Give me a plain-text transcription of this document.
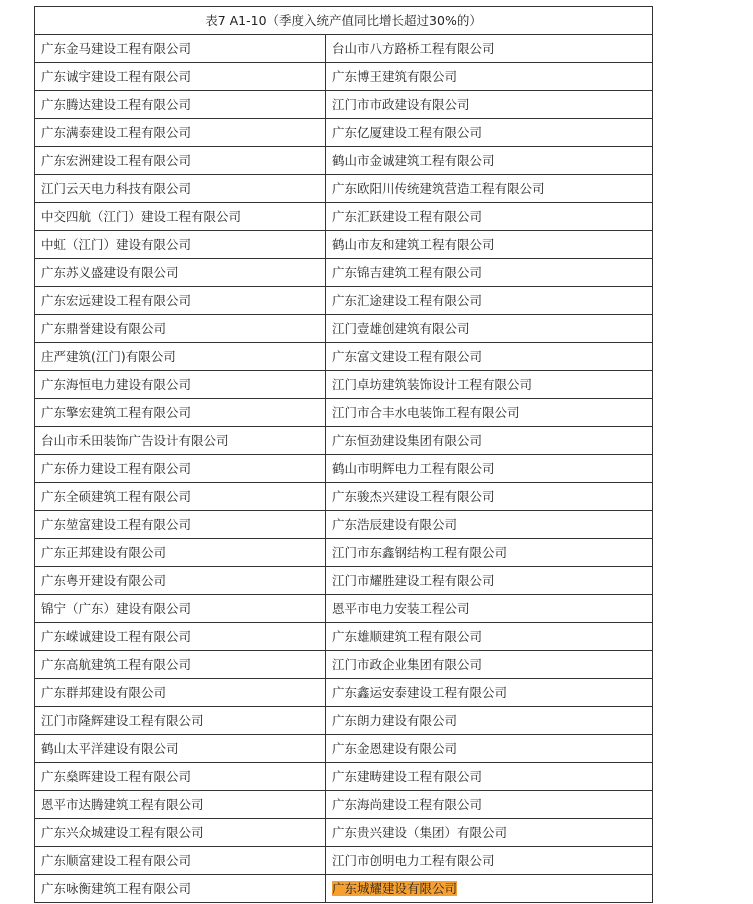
表7 A1-10（季度入统产值同比增长超过30%的）	
广东金马建设工程有限公司	台山市八方路桥工程有限公司
广东诚宇建设工程有限公司	广东博王建筑有限公司
广东腾达建设工程有限公司	江门市市政建设有限公司
广东满泰建设工程有限公司	广东亿厦建设工程有限公司
广东宏洲建设工程有限公司	鹤山市金诚建筑工程有限公司
江门云天电力科技有限公司	广东欧阳川传统建筑营造工程有限公司
中交四航（江门）建设工程有限公司	广东汇跃建设工程有限公司
中虹（江门）建设有限公司	鹤山市友和建筑工程有限公司
广东苏义盛建设有限公司	广东锦吉建筑工程有限公司
广东宏远建设工程有限公司	广东汇途建设工程有限公司
广东鼎誉建设有限公司	江门壹雄创建筑有限公司
庄严建筑(江门)有限公司	广东富文建设工程有限公司
广东海恒电力建设有限公司	江门卓坊建筑装饰设计工程有限公司
广东擎宏建筑工程有限公司	江门市合丰水电装饰工程有限公司
台山市禾田装饰广告设计有限公司	广东恒劲建设集团有限公司
广东侨力建设工程有限公司	鹤山市明辉电力工程有限公司
广东全硕建筑工程有限公司	广东骏杰兴建设工程有限公司
广东堃富建设工程有限公司	广东浩辰建设有限公司
广东正邦建设有限公司	江门市东鑫钢结构工程有限公司
广东粤开建设有限公司	江门市耀胜建设工程有限公司
锦宁（广东）建设有限公司	恩平市电力安装工程公司
广东嵘诚建设工程有限公司	广东雄顺建筑工程有限公司
广东高航建筑工程有限公司	江门市政企业集团有限公司
广东群邦建设有限公司	广东鑫运安泰建设工程有限公司
江门市隆辉建设工程有限公司	广东朗力建设有限公司
鹤山太平洋建设有限公司	广东金恩建设有限公司
广东燊晖建设工程有限公司	广东建畴建设工程有限公司
恩平市达腾建筑工程有限公司	广东海尚建设工程有限公司
广东兴众城建设工程有限公司	广东贵兴建设（集团）有限公司
广东顺富建设工程有限公司	江门市创明电力工程有限公司
广东咏衡建筑工程有限公司	广东城耀建设有限公司
